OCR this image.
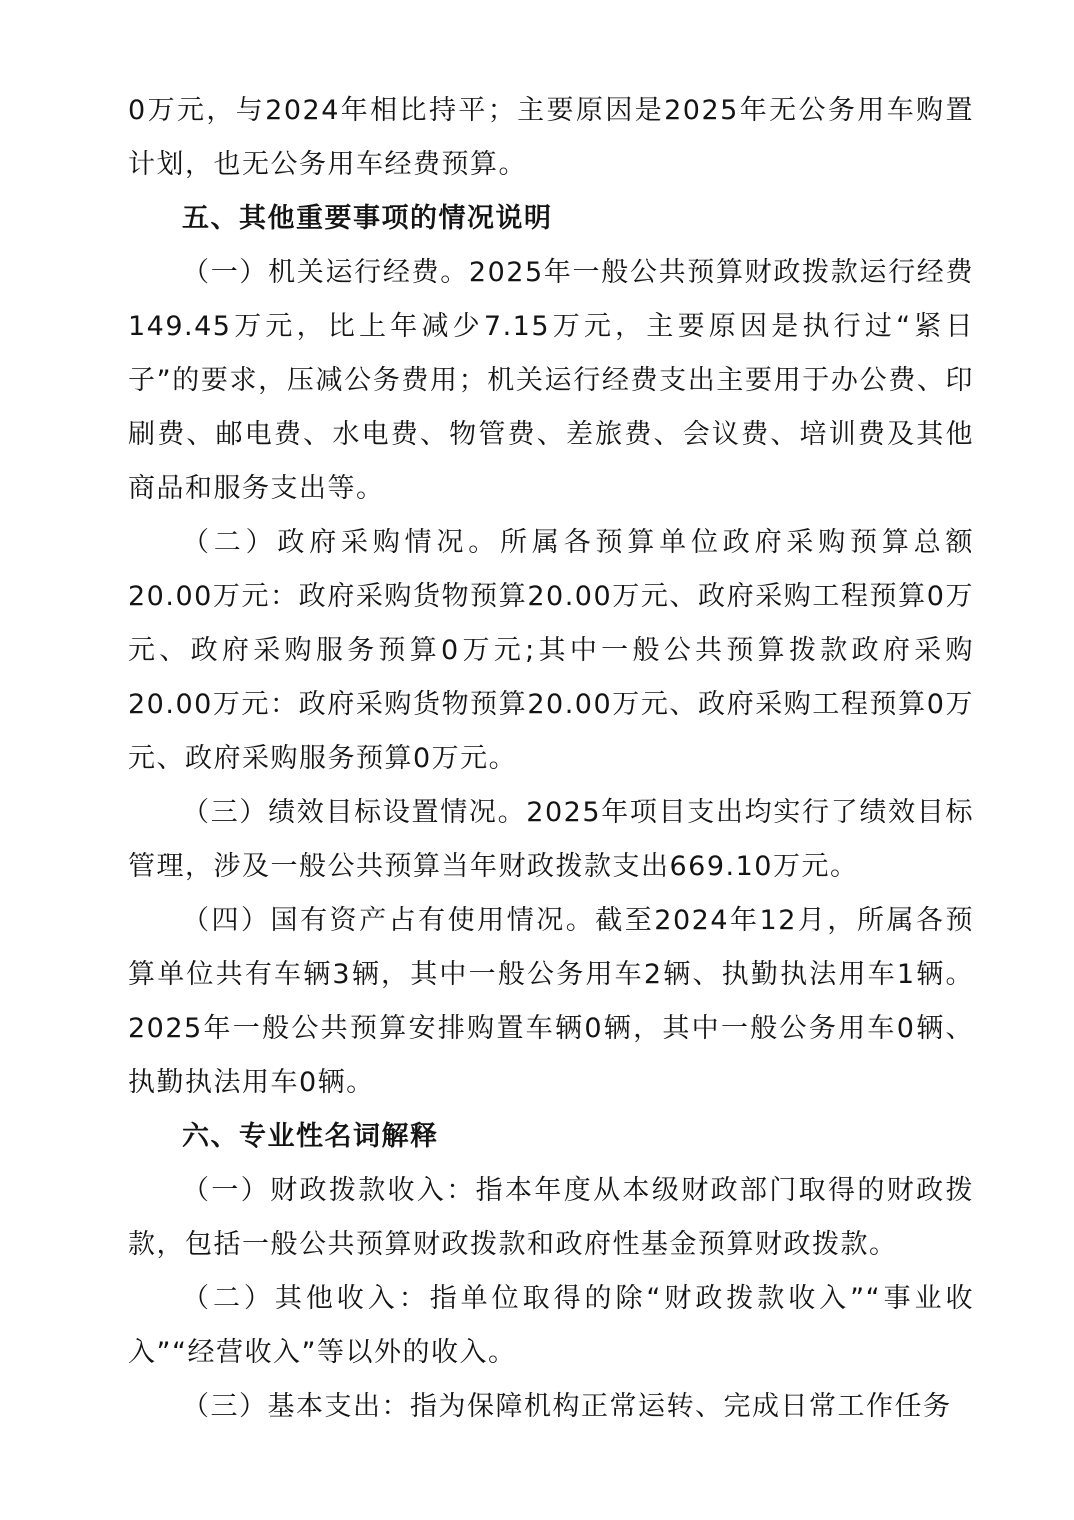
0万元，与2024年相比持平；主要原因是2025年无公务用车购置计划，也无公务用车经费预算。

五、其他重要事项的情况说明

（一）机关运行经费。2025年一般公共预算财政拨款运行经费149.45万元，比上年减少7.15万元，主要原因是执行过“紧日子”的要求，压减公务费用；机关运行经费支出主要用于办公费、印刷费、邮电费、水电费、物管费、差旅费、会议费、培训费及其他商品和服务支出等。

（二）政府采购情况。所属各预算单位政府采购预算总额20.00万元：政府采购货物预算20.00万元、政府采购工程预算0万元、政府采购服务预算0万元;其中一般公共预算拨款政府采购20.00万元：政府采购货物预算20.00万元、政府采购工程预算0万元、政府采购服务预算0万元。

（三）绩效目标设置情况。2025年项目支出均实行了绩效目标管理，涉及一般公共预算当年财政拨款支出669.10万元。

（四）国有资产占有使用情况。截至2024年12月，所属各预算单位共有车辆3辆，其中一般公务用车2辆、执勤执法用车1辆。2025年一般公共预算安排购置车辆0辆，其中一般公务用车0辆、执勤执法用车0辆。

六、专业性名词解释

（一）财政拨款收入：指本年度从本级财政部门取得的财政拨款，包括一般公共预算财政拨款和政府性基金预算财政拨款。

（二）其他收入：指单位取得的除“财政拨款收入”“事业收入”“经营收入”等以外的收入。

（三）基本支出：指为保障机构正常运转、完成日常工作任务
